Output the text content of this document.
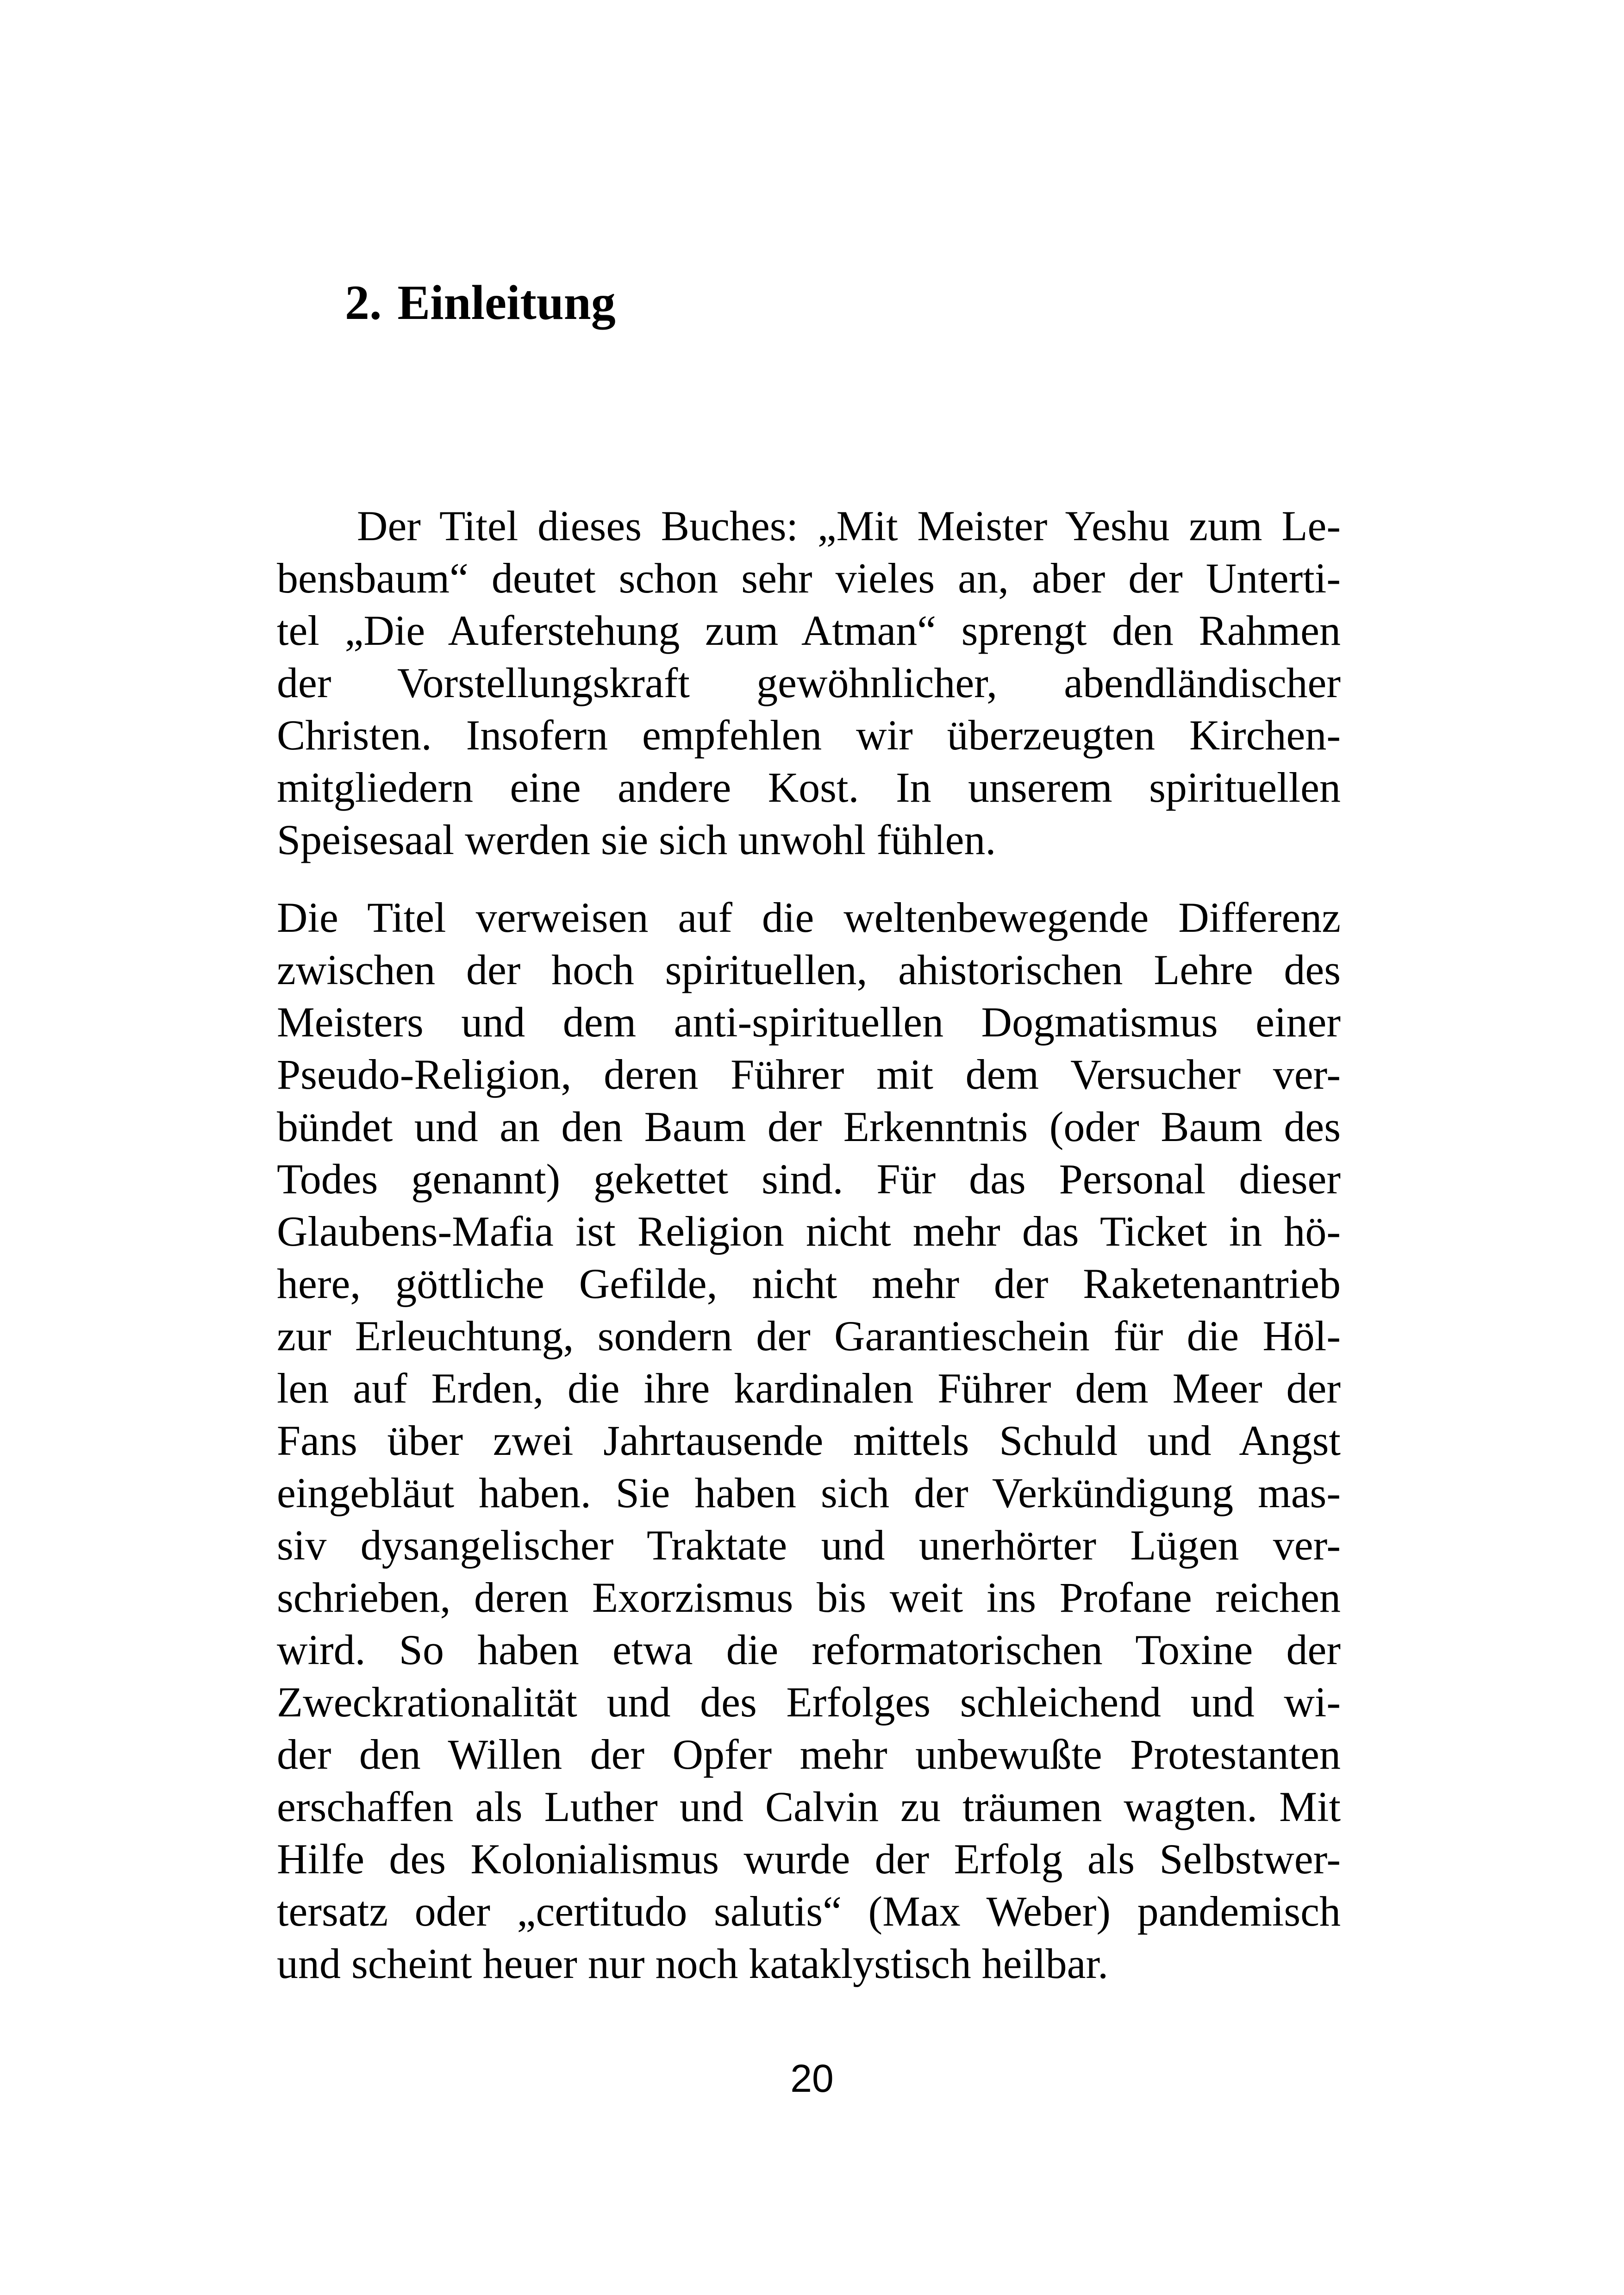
2. Einleitung
Der Titel dieses Buches: „Mit Meister Yeshu zum Le-
bensbaum“ deutet schon sehr vieles an, aber der Unterti-
tel „Die Auferstehung zum Atman“ sprengt den Rahmen
der Vorstellungskraft gewöhnlicher, abendländischer
Christen. Insofern empfehlen wir überzeugten Kirchen-
mitgliedern eine andere Kost. In unserem spirituellen
Speisesaal werden sie sich unwohl fühlen.
Die Titel verweisen auf die weltenbewegende Differenz
zwischen der hoch spirituellen, ahistorischen Lehre des
Meisters und dem anti-spirituellen Dogmatismus einer
Pseudo-Religion, deren Führer mit dem Versucher ver-
bündet und an den Baum der Erkenntnis (oder Baum des
Todes genannt) gekettet sind. Für das Personal dieser
Glaubens-Mafia ist Religion nicht mehr das Ticket in hö-
here, göttliche Gefilde, nicht mehr der Raketenantrieb
zur Erleuchtung, sondern der Garantieschein für die Höl-
len auf Erden, die ihre kardinalen Führer dem Meer der
Fans über zwei Jahrtausende mittels Schuld und Angst
eingebläut haben. Sie haben sich der Verkündigung mas-
siv dysangelischer Traktate und unerhörter Lügen ver-
schrieben, deren Exorzismus bis weit ins Profane reichen
wird. So haben etwa die reformatorischen Toxine der
Zweckrationalität und des Erfolges schleichend und wi-
der den Willen der Opfer mehr unbewußte Protestanten
erschaffen als Luther und Calvin zu träumen wagten. Mit
Hilfe des Kolonialismus wurde der Erfolg als Selbstwer-
tersatz oder „certitudo salutis“ (Max Weber) pandemisch
und scheint heuer nur noch kataklystisch heilbar.
20
